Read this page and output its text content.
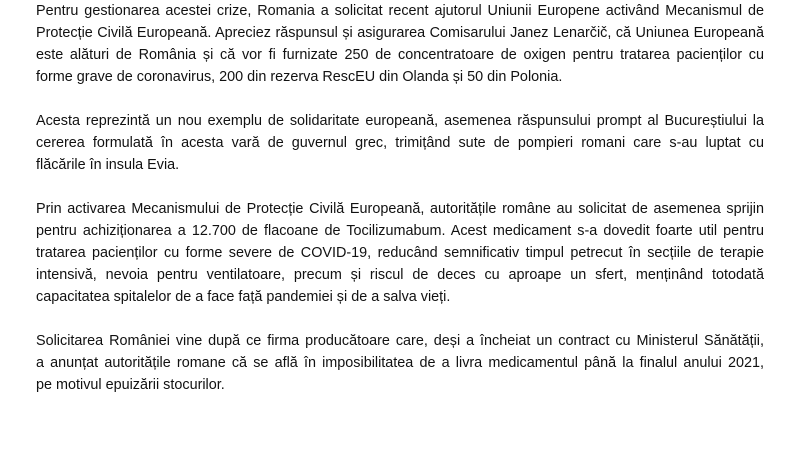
Pentru gestionarea acestei crize, Romania a solicitat recent ajutorul Uniunii Europene activând Mecanismul de
Protecție Civilă Europeană. Apreciez răspunsul și asigurarea Comisarului Janez Lenarčič, că Uniunea Europeană
este alături de România și că vor fi furnizate 250 de concentratoare de oxigen pentru tratarea pacienților cu
forme grave de coronavirus, 200 din rezerva RescEU din Olanda și 50 din Polonia.

Acesta reprezintă un nou exemplu de solidaritate europeană, asemenea răspunsului prompt al Bucureștiului la
cererea formulată în acesta vară de guvernul grec, trimițând sute de pompieri romani care s-au luptat cu
flăcările în insula Evia.

Prin activarea Mecanismului de Protecție Civilă Europeană, autoritățile române au solicitat de asemenea sprijin
pentru achiziționarea a 12.700 de flacoane de Tocilizumabum. Acest medicament s-a dovedit foarte util pentru
tratarea pacienților cu forme severe de COVID-19, reducând semnificativ timpul petrecut în secțiile de terapie
intensivă, nevoia pentru ventilatoare, precum și riscul de deces cu aproape un sfert, menținând totodată
capacitatea spitalelor de a face față pandemiei și de a salva vieți.

Solicitarea României vine după ce firma producătoare care, deși a încheiat un contract cu Ministerul Sănătății,
a anunțat autoritățile romane că se află în imposibilitatea de a livra medicamentul până la finalul anului 2021,
pe motivul epuizării stocurilor.
